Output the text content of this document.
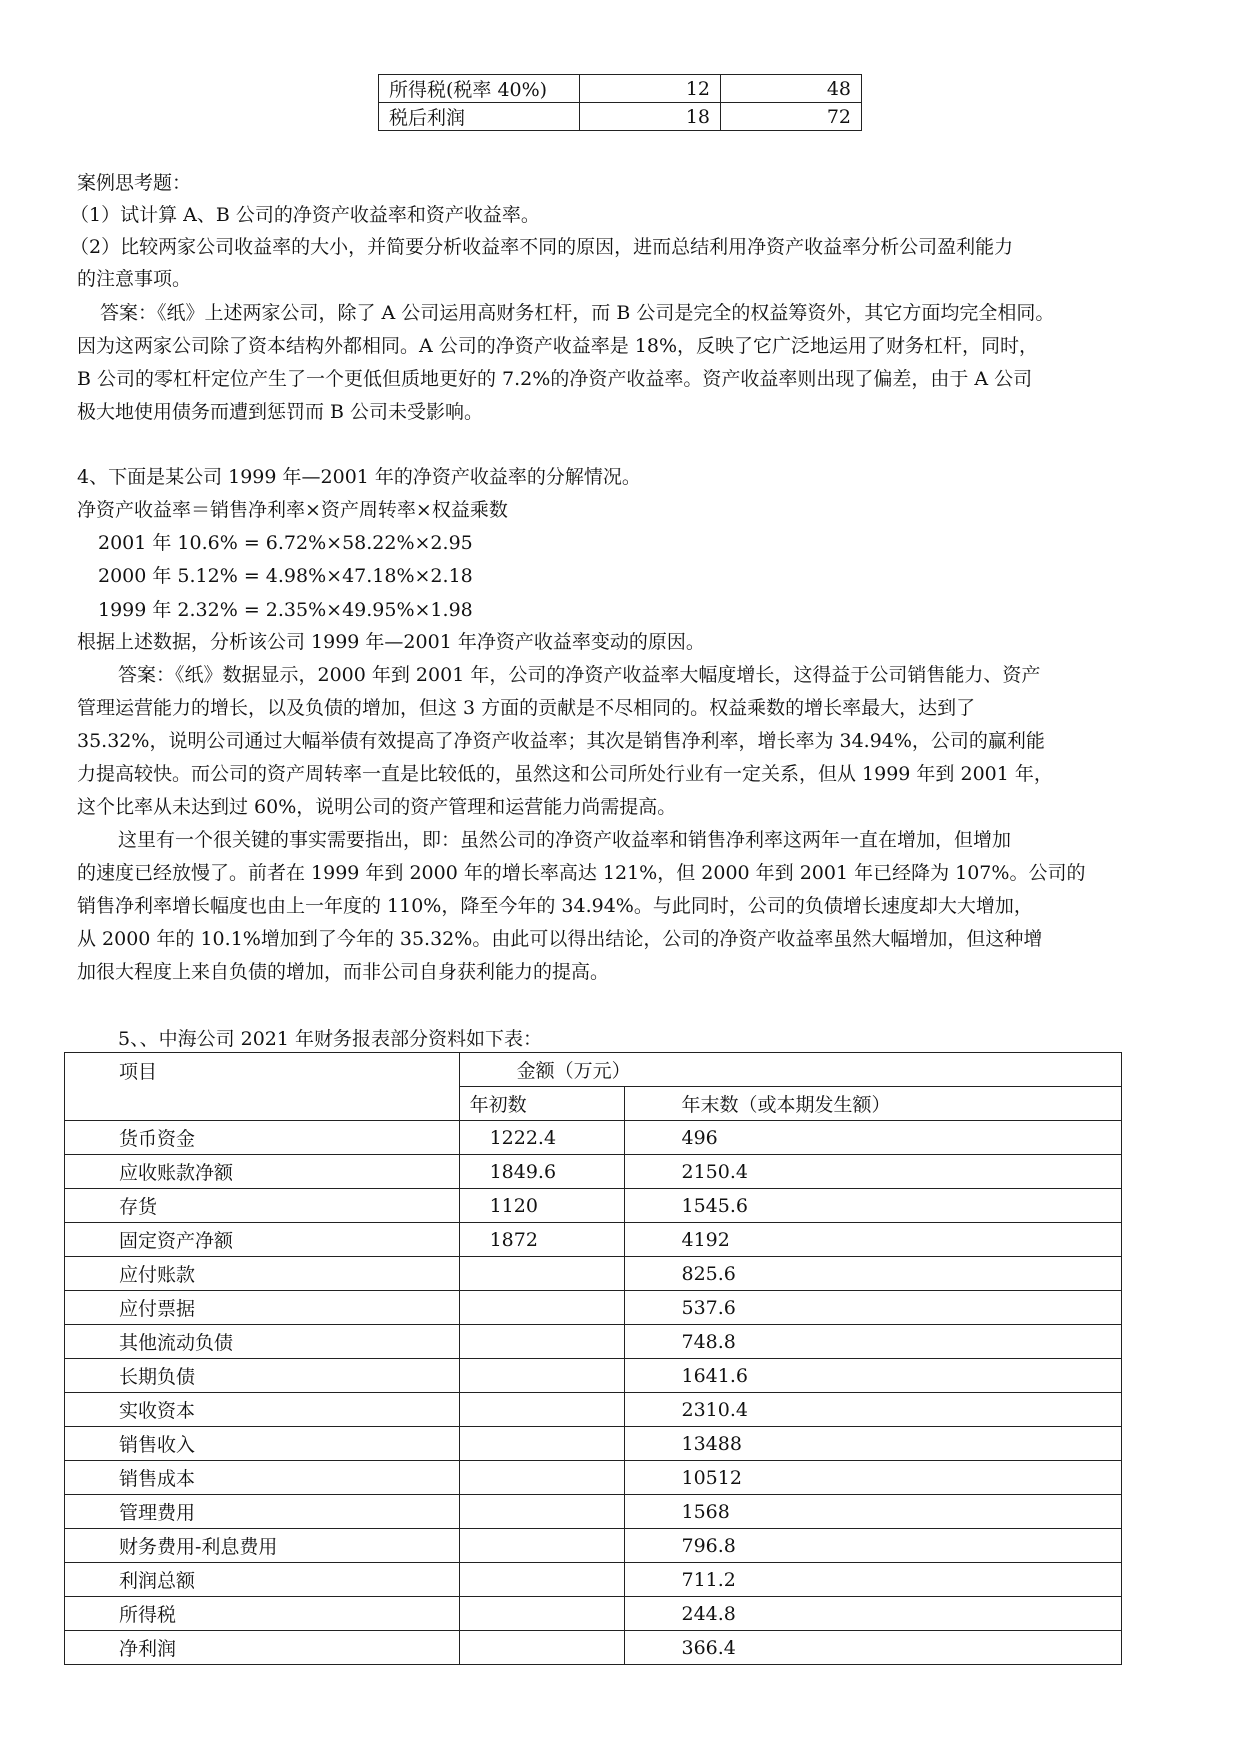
所得税(税率 40%)	12	48
税后利润	18	72
案例思考题：
（1）试计算 A、B 公司的净资产收益率和资产收益率。
（2）比较两家公司收益率的大小，并简要分析收益率不同的原因，进而总结利用净资产收益率分析公司盈利能力
的注意事项。
答案：《纸》上述两家公司，除了 A 公司运用高财务杠杆，而 B 公司是完全的权益筹资外，其它方面均完全相同。
因为这两家公司除了资本结构外都相同。A 公司的净资产收益率是 18%，反映了它广泛地运用了财务杠杆，同时，
B 公司的零杠杆定位产生了一个更低但质地更好的 7.2%的净资产收益率。资产收益率则出现了偏差，由于 A 公司
极大地使用债务而遭到惩罚而 B 公司未受影响。
4、下面是某公司 1999 年—2001 年的净资产收益率的分解情况。
净资产收益率＝销售净利率×资产周转率×权益乘数
2001 年 10.6% = 6.72%×58.22%×2.95
2000 年 5.12% = 4.98%×47.18%×2.18
1999 年 2.32% = 2.35%×49.95%×1.98
根据上述数据，分析该公司 1999 年—2001 年净资产收益率变动的原因。
答案：《纸》数据显示，2000 年到 2001 年，公司的净资产收益率大幅度增长，这得益于公司销售能力、资产
管理运营能力的增长，以及负债的增加，但这 3 方面的贡献是不尽相同的。权益乘数的增长率最大，达到了
35.32%，说明公司通过大幅举债有效提高了净资产收益率；其次是销售净利率，增长率为 34.94%，公司的赢利能
力提高较快。而公司的资产周转率一直是比较低的，虽然这和公司所处行业有一定关系，但从 1999 年到 2001 年，
这个比率从未达到过 60%，说明公司的资产管理和运营能力尚需提高。
这里有一个很关键的事实需要指出，即：虽然公司的净资产收益率和销售净利率这两年一直在增加，但增加
的速度已经放慢了。前者在 1999 年到 2000 年的增长率高达 121%，但 2000 年到 2001 年已经降为 107%。公司的
销售净利率增长幅度也由上一年度的 110%，降至今年的 34.94%。与此同时，公司的负债增长速度却大大增加，
从 2000 年的 10.1%增加到了今年的 35.32%。由此可以得出结论，公司的净资产收益率虽然大幅增加，但这种增
加很大程度上来自负债的增加，而非公司自身获利能力的提高。
5、、中海公司 2021 年财务报表部分资料如下表：
项目	金额（万元）	
	年初数	年末数（或本期发生额）
货币资金	1222.4	496
应收账款净额	1849.6	2150.4
存货	1120	1545.6
固定资产净额	1872	4192
应付账款		825.6
应付票据		537.6
其他流动负债		748.8
长期负债		1641.6
实收资本		2310.4
销售收入		13488
销售成本		10512
管理费用		1568
财务费用-利息费用		796.8
利润总额		711.2
所得税		244.8
净利润		366.4
